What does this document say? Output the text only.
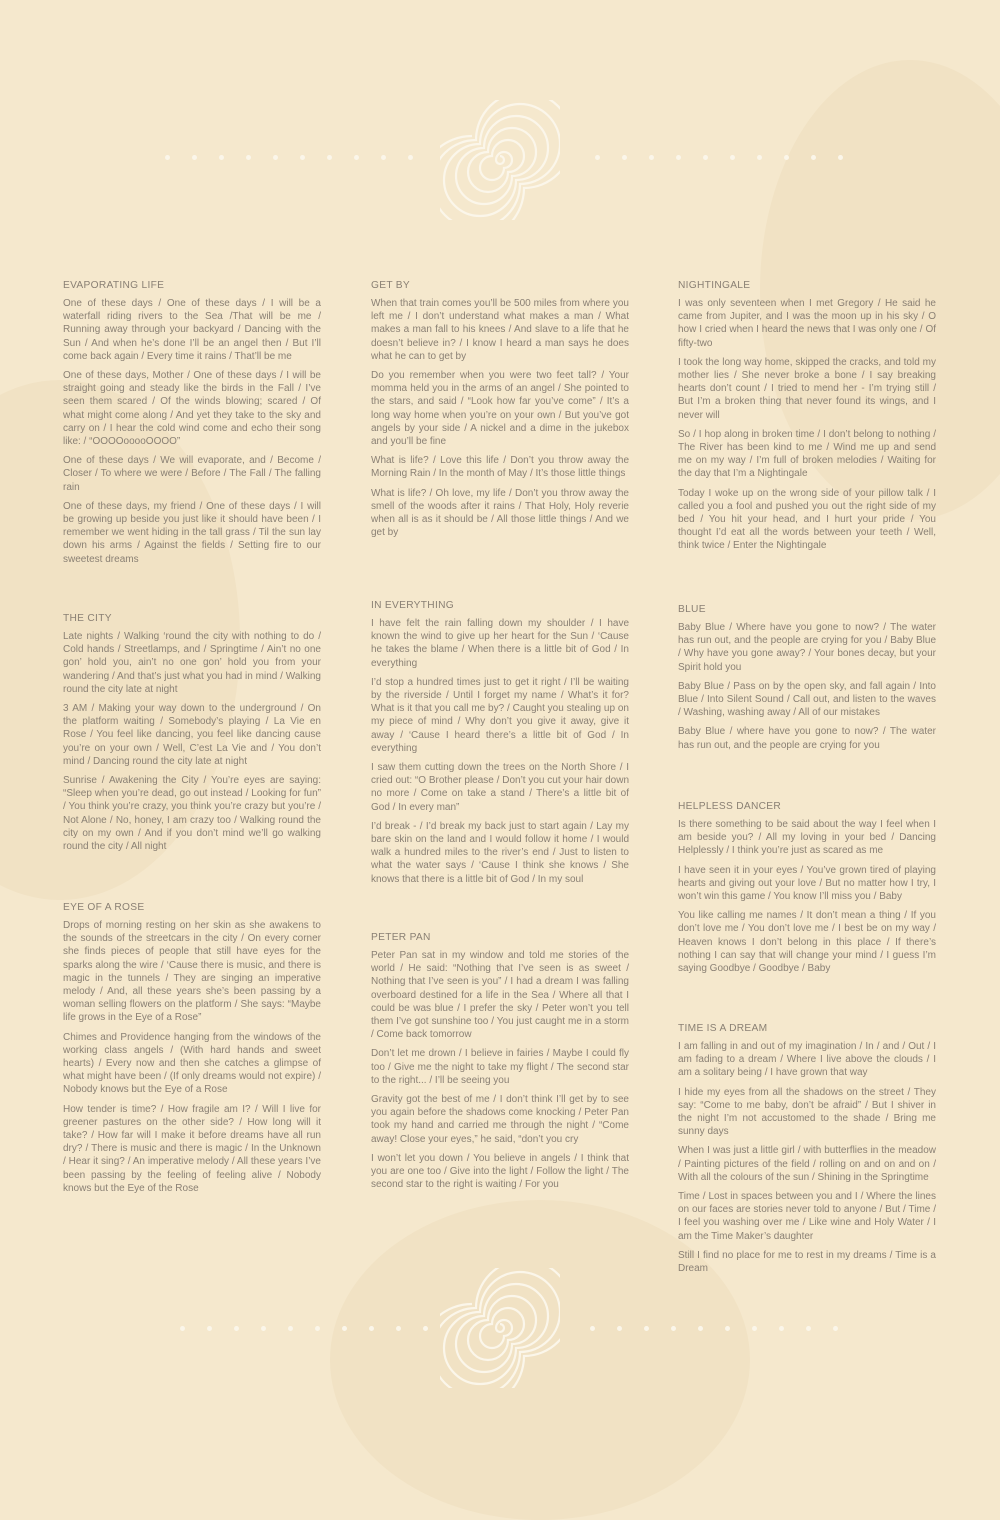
EVAPORATING LIFE

One of these days / One of these days / I will be a waterfall riding rivers to the Sea /That will be me / Running away through your backyard / Dancing with the Sun / And when he’s done I’ll be an angel then / But I’ll come back again / Every time it rains / That’ll be me

One of these days, Mother / One of these days / I will be straight going and steady like the birds in the Fall / I’ve seen them scared / Of the winds blowing; scared / Of what might come along / And yet they take to the sky and carry on / I hear the cold wind come and echo their song like: / “OOOOooooOOOO”

One of these days / We will evaporate, and / Become / Closer / To where we were / Before / The Fall / The falling rain

One of these days, my friend / One of these days / I will be growing up beside you just like it should have been / I remember we went hiding in the tall grass / Til the sun lay down his arms / Against the fields / Setting fire to our sweetest dreams

GET BY

When that train comes you’ll be 500 miles from where you left me / I don’t understand what makes a man / What makes a man fall to his knees / And slave to a life that he doesn’t believe in? / I know I heard a man says he does what he can to get by

Do you remember when you were two feet tall? / Your momma held you in the arms of an angel / She pointed to the stars, and said / “Look how far you’ve come” / It’s a long way home when you’re on your own / But you’ve got angels by your side / A nickel and a dime in the jukebox and you’ll be fine

What is life? / Love this life / Don’t you throw away the Morning Rain / In the month of May / It’s those little things

What is life? / Oh love, my life / Don’t you throw away the smell of the woods after it rains / That Holy, Holy reverie when all is as it should be / All those little things / And we get by

NIGHTINGALE

I was only seventeen when I met Gregory / He said he came from Jupiter, and I was the moon up in his sky / O how I cried when I heard the news that I was only one / Of fifty-two

I took the long way home, skipped the cracks, and told my mother lies / She never broke a bone / I say breaking hearts don’t count / I tried to mend her - I’m trying still / But I’m a broken thing that never found its wings, and I never will

So / I hop along in broken time / I don’t belong to nothing / The River has been kind to me / Wind me up and send me on my way / I’m full of broken melodies / Waiting for the day that I’m a Nightingale

Today I woke up on the wrong side of your pillow talk / I called you a fool and pushed you out the right side of my bed / You hit your head, and I hurt your pride / You thought I’d eat all the words between your teeth / Well, think twice / Enter the Nightingale

THE CITY

Late nights / Walking ‘round the city with nothing to do / Cold hands / Streetlamps, and / Springtime / Ain’t no one gon’ hold you, ain’t no one gon’ hold you from your wandering / And that’s just what you had in mind / Walking round the city late at night

3 AM / Making your way down to the underground / On the platform waiting / Somebody’s playing / La Vie en Rose / You feel like dancing, you feel like dancing cause you’re on your own / Well, C’est La Vie and / You don’t mind / Dancing round the city late at night

Sunrise / Awakening the City / You’re eyes are saying: “Sleep when you’re dead, go out instead / Looking for fun” / You think you’re crazy, you think you’re crazy but you’re / Not Alone / No, honey, I am crazy too / Walking round the city on my own / And if you don’t mind we’ll go walking round the city / All night

IN EVERYTHING

I have felt the rain falling down my shoulder / I have known the wind to give up her heart for the Sun / ‘Cause he takes the blame / When there is a little bit of God / In everything

I’d stop a hundred times just to get it right / I’ll be waiting by the riverside / Until I forget my name / What’s it for? What is it that you call me by? / Caught you stealing up on my piece of mind / Why don’t you give it away, give it away / ‘Cause I heard there’s a little bit of God / In everything

I saw them cutting down the trees on the North Shore / I cried out: “O Brother please / Don’t you cut your hair down no more / Come on take a stand / There’s a little bit of God / In every man”

I’d break - / I’d break my back just to start again / Lay my bare skin on the land and I would follow it home / I would walk a hundred miles to the river’s end / Just to listen to what the water says / ‘Cause I think she knows / She knows that there is a little bit of God / In my soul

BLUE

Baby Blue / Where have you gone to now? / The water has run out, and the people are crying for you / Baby Blue / Why have you gone away? / Your bones decay, but your Spirit hold you

Baby Blue / Pass on by the open sky, and fall again / Into Blue / Into Silent Sound / Call out, and listen to the waves / Washing, washing away / All of our mistakes

Baby Blue / where have you gone to now? / The water has run out, and the people are crying for you

HELPLESS DANCER

Is there something to be said about the way I feel when I am beside you? / All my loving in your bed / Dancing Helplessly / I think you’re just as scared as me

I have seen it in your eyes / You’ve grown tired of playing hearts and giving out your love / But no matter how I try, I won’t win this game / You know I’ll miss you / Baby

You like calling me names / It don’t mean a thing / If you don’t love me / You don’t love me / I best be on my way / Heaven knows I don’t belong in this place / If there’s nothing I can say that will change your mind / I guess I’m saying Goodbye / Goodbye / Baby

EYE OF A ROSE

Drops of morning resting on her skin as she awakens to the sounds of the streetcars in the city / On every corner she finds pieces of people that still have eyes for the sparks along the wire / ‘Cause there is music, and there is magic in the tunnels / They are singing an imperative melody / And, all these years she’s been passing by a woman selling flowers on the platform / She says: “Maybe life grows in the Eye of a Rose”

Chimes and Providence hanging from the windows of the working class angels / (With hard hands and sweet hearts) / Every now and then she catches a glimpse of what might have been / (If only dreams would not expire) / Nobody knows but the Eye of a Rose

How tender is time? / How fragile am I? / Will I live for greener pastures on the other side? / How long will it take? / How far will I make it before dreams have all run dry? / There is music and there is magic / In the Unknown / Hear it sing? / An imperative melody / All these years I’ve been passing by the feeling of feeling alive / Nobody knows but the Eye of the Rose

PETER PAN

Peter Pan sat in my window and told me stories of the world / He said: “Nothing that I’ve seen is as sweet / Nothing that I’ve seen is you” / I had a dream I was falling overboard destined for a life in the Sea / Where all that I could be was blue / I prefer the sky / Peter won’t you tell them I’ve got sunshine too / You just caught me in a storm / Come back tomorrow

Don’t let me drown / I believe in fairies / Maybe I could fly too / Give me the night to take my flight / The second star to the right... / I’ll be seeing you

Gravity got the best of me / I don’t think I’ll get by to see you again before the shadows come knocking / Peter Pan took my hand and carried me through the night / “Come away! Close your eyes,” he said, “don’t you cry

I won’t let you down / You believe in angels / I think that you are one too / Give into the light / Follow the light / The second star to the right is waiting / For you

TIME IS A DREAM

I am falling in and out of my imagination / In / and / Out / I am fading to a dream / Where I live above the clouds / I am a solitary being / I have grown that way

I hide my eyes from all the shadows on the street / They say: “Come to me baby, don’t be afraid” / But I shiver in the night I’m not accustomed to the shade / Bring me sunny days

When I was just a little girl / with butterflies in the meadow / Painting pictures of the field / rolling on and on and on / With all the colours of the sun / Shining in the Springtime

Time / Lost in spaces between you and I / Where the lines on our faces are stories never told to anyone / But / Time / I feel you washing over me / Like wine and Holy Water / I am the Time Maker’s daughter

Still I find no place for me to rest in my dreams / Time is a Dream
